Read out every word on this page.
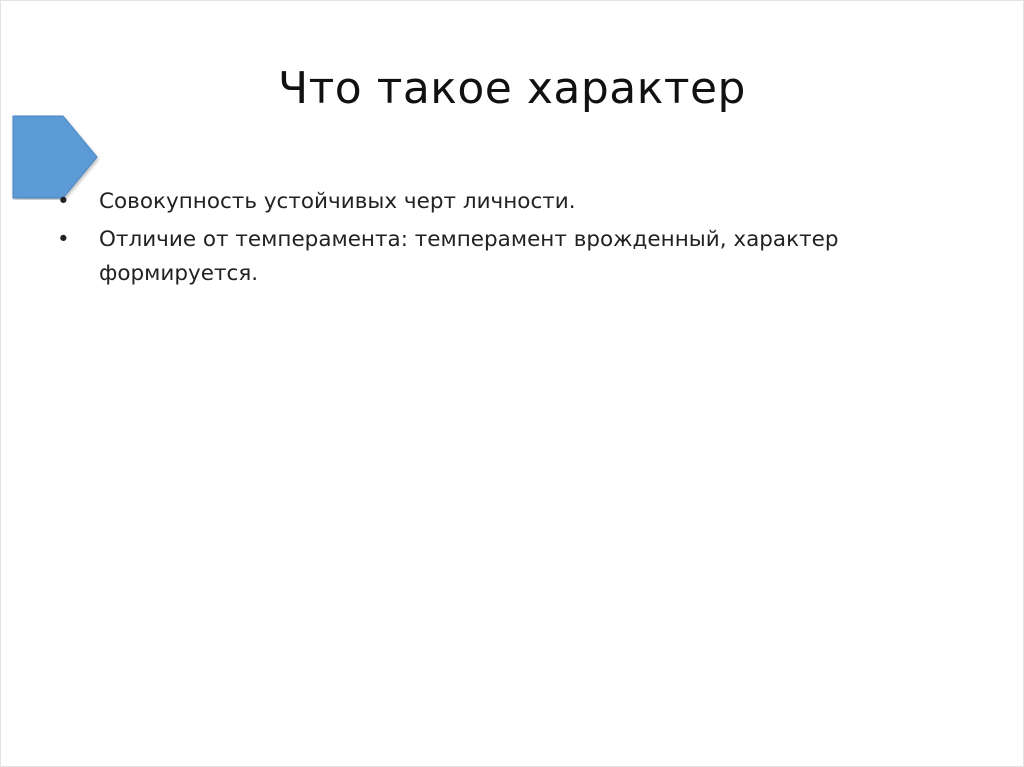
Что такое характер
•	Совокупность устойчивых черт личности.
•	Отличие от темперамента: темперамент врожденный, характер формируется.
